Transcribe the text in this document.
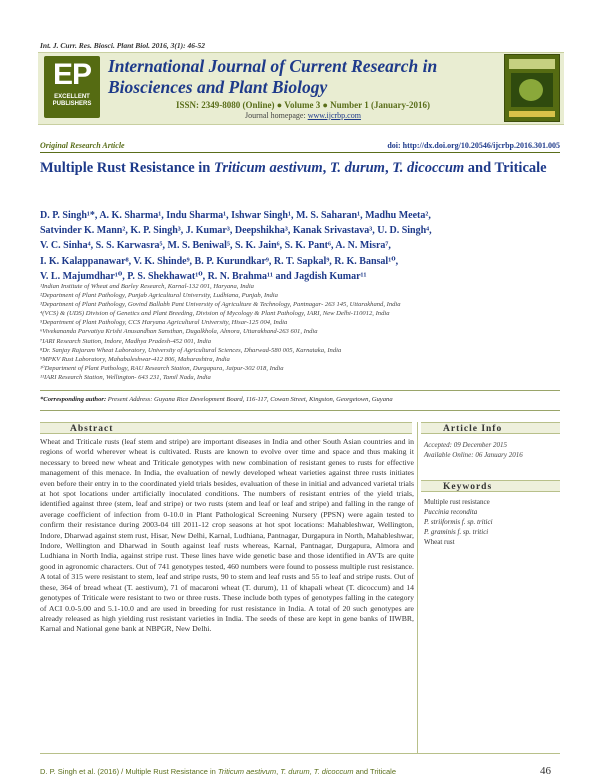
Int. J. Curr. Res. Biosci. Plant Biol. 2016, 3(1): 46-52
EP
EXCELLENT
PUBLISHERS
International Journal of Current Research in
Biosciences and Plant Biology
ISSN: 2349-8080 (Online) ● Volume 3 ● Number 1 (January-2016)
Journal homepage: www.ijcrbp.com
Original Research Article	doi: http://dx.doi.org/10.20546/ijcrbp.2016.301.005
Multiple Rust Resistance in Triticum aestivum, T. durum, T. dicoccum and Triticale
D. P. Singh¹*, A. K. Sharma¹, Indu Sharma¹, Ishwar Singh¹, M. S. Saharan¹, Madhu Meeta²,
Satvinder K. Mann², K. P. Singh³, J. Kumar³, Deepshikha³, Kanak Srivastava³, U. D. Singh⁴,
V. C. Sinha⁴, S. S. Karwasra⁵, M. S. Beniwal⁵, S. K. Jain⁶, S. K. Pant⁶, A. N. Misra⁷,
I. K. Kalappanawar⁸, V. K. Shinde⁹, B. P. Kurundkar⁹, R. T. Sapkal⁹, R. K. Bansal¹⁰,
V. L. Majumdhar¹⁰, P. S. Shekhawat¹⁰, R. N. Brahma¹¹ and Jagdish Kumar¹¹
¹Indian Institute of Wheat and Barley Research, Karnal-132 001, Haryana, India
²Department of Plant Pathology, Punjab Agricultural University, Ludhiana, Punjab, India
³Department of Plant Pathology, Govind Ballabh Pant University of Agriculture & Technology, Pantnagar- 263 145, Uttarakhand, India
⁴(VCS) & (UDS) Division of Genetics and Plant Breeding, Division of Mycology & Plant Pathology, IARI, New Delhi-110012, India
⁵Department of Plant Pathology, CCS Haryana Agricultural University, Hisar-125 004, India
⁶Vivekananda Parvatiya Krishi Anusandhan Sansthan, Dugalkhola, Almora, Uttarakhand-263 601, India
⁷IARI Research Station, Indore, Madhya Pradesh-452 001, India
⁸Dr. Sanjay Rajaram Wheat Laboratory, University of Agricultural Sciences, Dharwad-580 005, Karnataka, India
⁹MPKV Rust Laboratory, Mahabaleshwar-412 806, Maharashtra, India
¹⁰Department of Plant Pathology, RAU Research Station, Durgapura, Jaipur-302 018, India
¹¹IARI Research Station, Wellington- 643 231, Tamil Nadu, India
*Corresponding author: Present Address: Guyana Rice Development Board, 116-117, Cowan Street, Kingston, Georgetown, Guyana
Abstract
Wheat and Triticale rusts (leaf stem and stripe) are important diseases in India and other South Asian countries and in regions of world wherever wheat is cultivated. Rusts are known to evolve over time and space and thus making it necessary to breed new wheat and Triticale genotypes with new combination of resistant genes to rusts for effective management of this menace. In India, the evaluation of newly developed wheat varieties against three rusts initiates even before their entry in to the coordinated yield trials besides, evaluation of these in initial and advanced varietal trials at hot spot locations under artificially inoculated conditions. The numbers of resistant entries of the yield trials, identified against three (stem, leaf and stripe) or two rusts (stem and leaf or leaf and stripe) and falling in the range of average coefficient of infection from 0-10.0 in Plant Pathological Screening Nursery (PPSN) were again tested to confirm their resistance during 2003-04 till 2011-12 crop seasons at hot spot locations: Mahableshwar, Wellington, Indore, Dharwad against stem rust, Hisar, New Delhi, Karnal, Ludhiana, Pantnagar, Durgapura in North, Mahableshwar, Indore, Wellington and Dharwad in South against leaf rusts whereas, Karnal, Pantnagar, Durgapura, Almora and Ludhiana in North India, against stripe rust. These lines have wide genetic base and those identified in AVTs are quite good in agronomic characters. Out of 741 genotypes tested, 460 numbers were found to possess multiple rust resistance. A total of 315 were resistant to stem, leaf and stripe rusts, 90 to stem and leaf rusts and 55 to leaf and stripe rusts. Out of these, 364 of bread wheat (T. aestivum), 71 of macaroni wheat (T. durum), 11 of khapali wheat (T. dicoccum) and 14 genotypes of Triticale were resistant to two or three rusts. These include both types of genotypes falling in the category of ACI 0.0-5.00 and 5.1-10.0 and are used in breeding for rust resistance in India. A total of 20 such genotypes are already released as high yielding rust resistant varieties in India. The seeds of these are kept in gene banks of IIWBR, Karnal and National gene bank at NBPGR, New Delhi.
Article Info
Accepted: 09 December 2015
Available Online: 06 January 2016
Keywords
Multiple rust resistance
Puccinia recondita
P. striiformis f. sp. tritici
P. graminis f. sp. tritici
Wheat rust
D. P. Singh et al. (2016) / Multiple Rust Resistance in Triticum aestivum, T. durum, T. dicoccum and Triticale	46
